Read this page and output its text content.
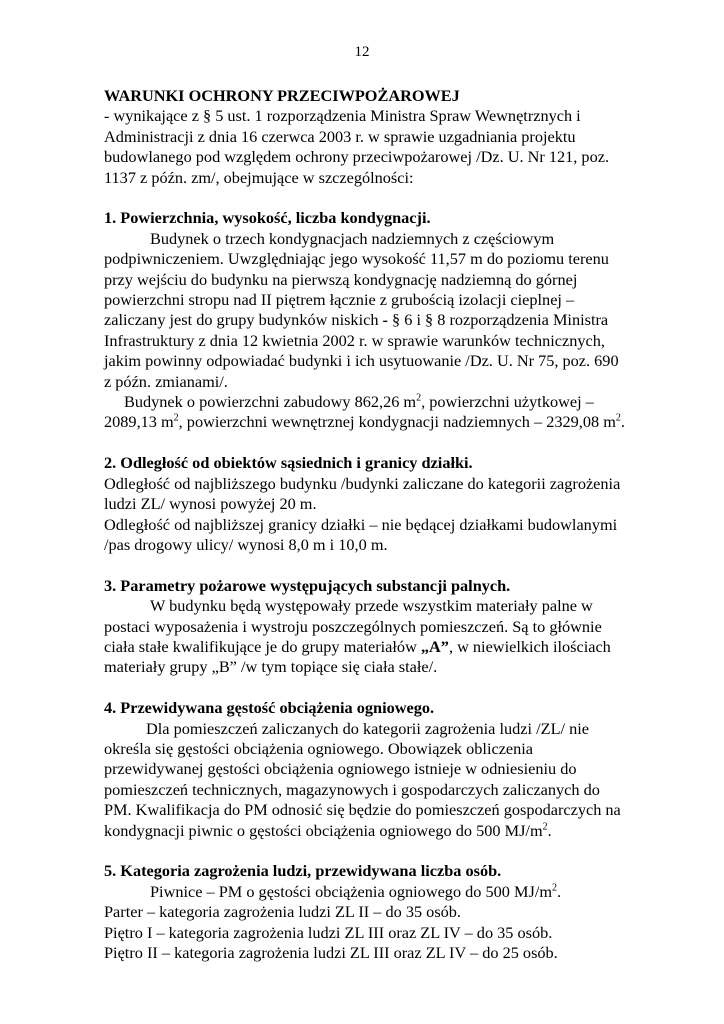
12
WARUNKI OCHRONY PRZECIWPOŻAROWEJ
- wynikające z § 5 ust. 1 rozporządzenia Ministra Spraw Wewnętrznych i
Administracji z dnia 16 czerwca 2003 r. w sprawie uzgadniania projektu
budowlanego pod względem ochrony przeciwpożarowej /Dz. U. Nr 121, poz.
1137 z późn. zm/, obejmujące w szczególności:
1. Powierzchnia, wysokość, liczba kondygnacji.
Budynek o trzech kondygnacjach nadziemnych z częściowym
podpiwniczeniem. Uwzględniając jego wysokość 11,57 m do poziomu terenu
przy wejściu do budynku na pierwszą kondygnację nadziemną do górnej
powierzchni stropu nad II piętrem łącznie z grubością izolacji cieplnej –
zaliczany jest do grupy budynków niskich - § 6 i § 8 rozporządzenia Ministra
Infrastruktury z dnia 12 kwietnia 2002 r. w sprawie warunków technicznych,
jakim powinny odpowiadać budynki i ich usytuowanie /Dz. U. Nr 75, poz. 690
z późn. zmianami/.
Budynek o powierzchni zabudowy 862,26 $m^2$, powierzchni użytkowej –
2089,13 $m^2$, powierzchni wewnętrznej kondygnacji nadziemnych – 2329,08 $m^2$.
2. Odległość od obiektów sąsiednich i granicy działki.
Odległość od najbliższego budynku /budynki zaliczane do kategorii zagrożenia
ludzi ZL/ wynosi powyżej 20 m.
Odległość od najbliższej granicy działki – nie będącej działkami budowlanymi
/pas drogowy ulicy/ wynosi 8,0 m i 10,0 m.
3. Parametry pożarowe występujących substancji palnych.
W budynku będą występowały przede wszystkim materiały palne w
postaci wyposażenia i wystroju poszczególnych pomieszczeń. Są to głównie
ciała stałe kwalifikujące je do grupy materiałów „A”, w niewielkich ilościach
materiały grupy „B” /w tym topiące się ciała stałe/.
4. Przewidywana gęstość obciążenia ogniowego.
Dla pomieszczeń zaliczanych do kategorii zagrożenia ludzi /ZL/ nie
określa się gęstości obciążenia ogniowego. Obowiązek obliczenia
przewidywanej gęstości obciążenia ogniowego istnieje w odniesieniu do
pomieszczeń technicznych, magazynowych i gospodarczych zaliczanych do
PM. Kwalifikacja do PM odnosić się będzie do pomieszczeń gospodarczych na
kondygnacji piwnic o gęstości obciążenia ogniowego do 500 $MJ/m^2$.
5. Kategoria zagrożenia ludzi, przewidywana liczba osób.
Piwnice – PM o gęstości obciążenia ogniowego do 500 $MJ/m^2$.
Parter – kategoria zagrożenia ludzi ZL II – do 35 osób.
Piętro I – kategoria zagrożenia ludzi ZL III oraz ZL IV – do 35 osób.
Piętro II – kategoria zagrożenia ludzi ZL III oraz ZL IV – do 25 osób.
